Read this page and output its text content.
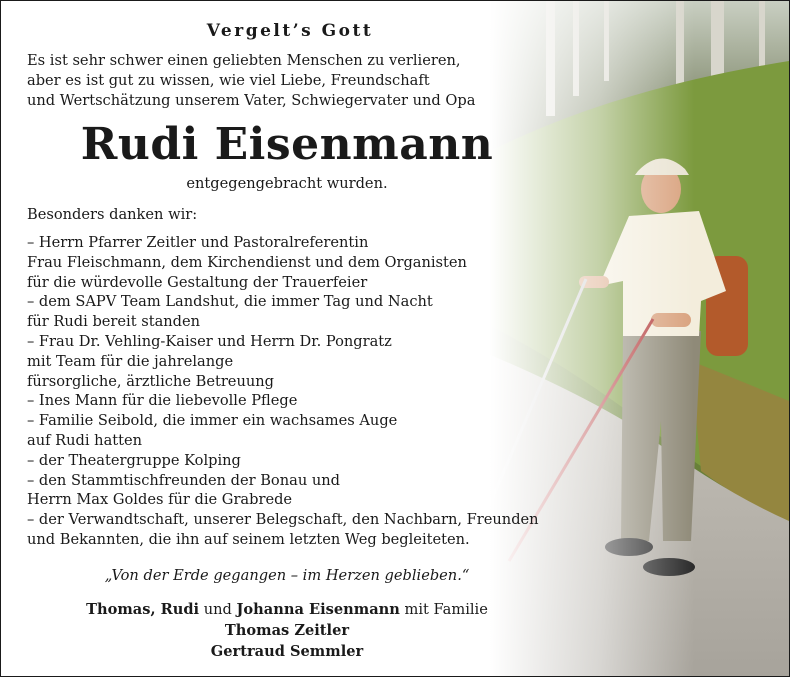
Vergelt’s Gott
Es ist sehr schwer einen geliebten Menschen zu verlieren,
aber es ist gut zu wissen, wie viel Liebe, Freundschaft
und Wertschätzung unserem Vater, Schwiegervater und Opa
Rudi Eisenmann
entgegengebracht wurden.
Besonders danken wir:
– Herrn Pfarrer Zeitler und Pastoralreferentin
Frau Fleischmann, dem Kirchendienst und dem Organisten
für die würdevolle Gestaltung der Trauerfeier
– dem SAPV Team Landshut, die immer Tag und Nacht
für Rudi bereit standen
– Frau Dr. Vehling-Kaiser und Herrn Dr. Pongratz
mit Team für die jahrelange
fürsorgliche, ärztliche Betreuung
– Ines Mann für die liebevolle Pflege
– Familie Seibold, die immer ein wachsames Auge
auf Rudi hatten
– der Theatergruppe Kolping
– den Stammtischfreunden der Bonau und
Herrn Max Goldes für die Grabrede
– der Verwandtschaft, unserer Belegschaft, den Nachbarn, Freunden
und Bekannten, die ihn auf seinem letzten Weg begleiteten.
„Von der Erde gegangen – im Herzen geblieben.“
Thomas, Rudi und Johanna Eisenmann mit Familie
Thomas Zeitler
Gertraud Semmler
